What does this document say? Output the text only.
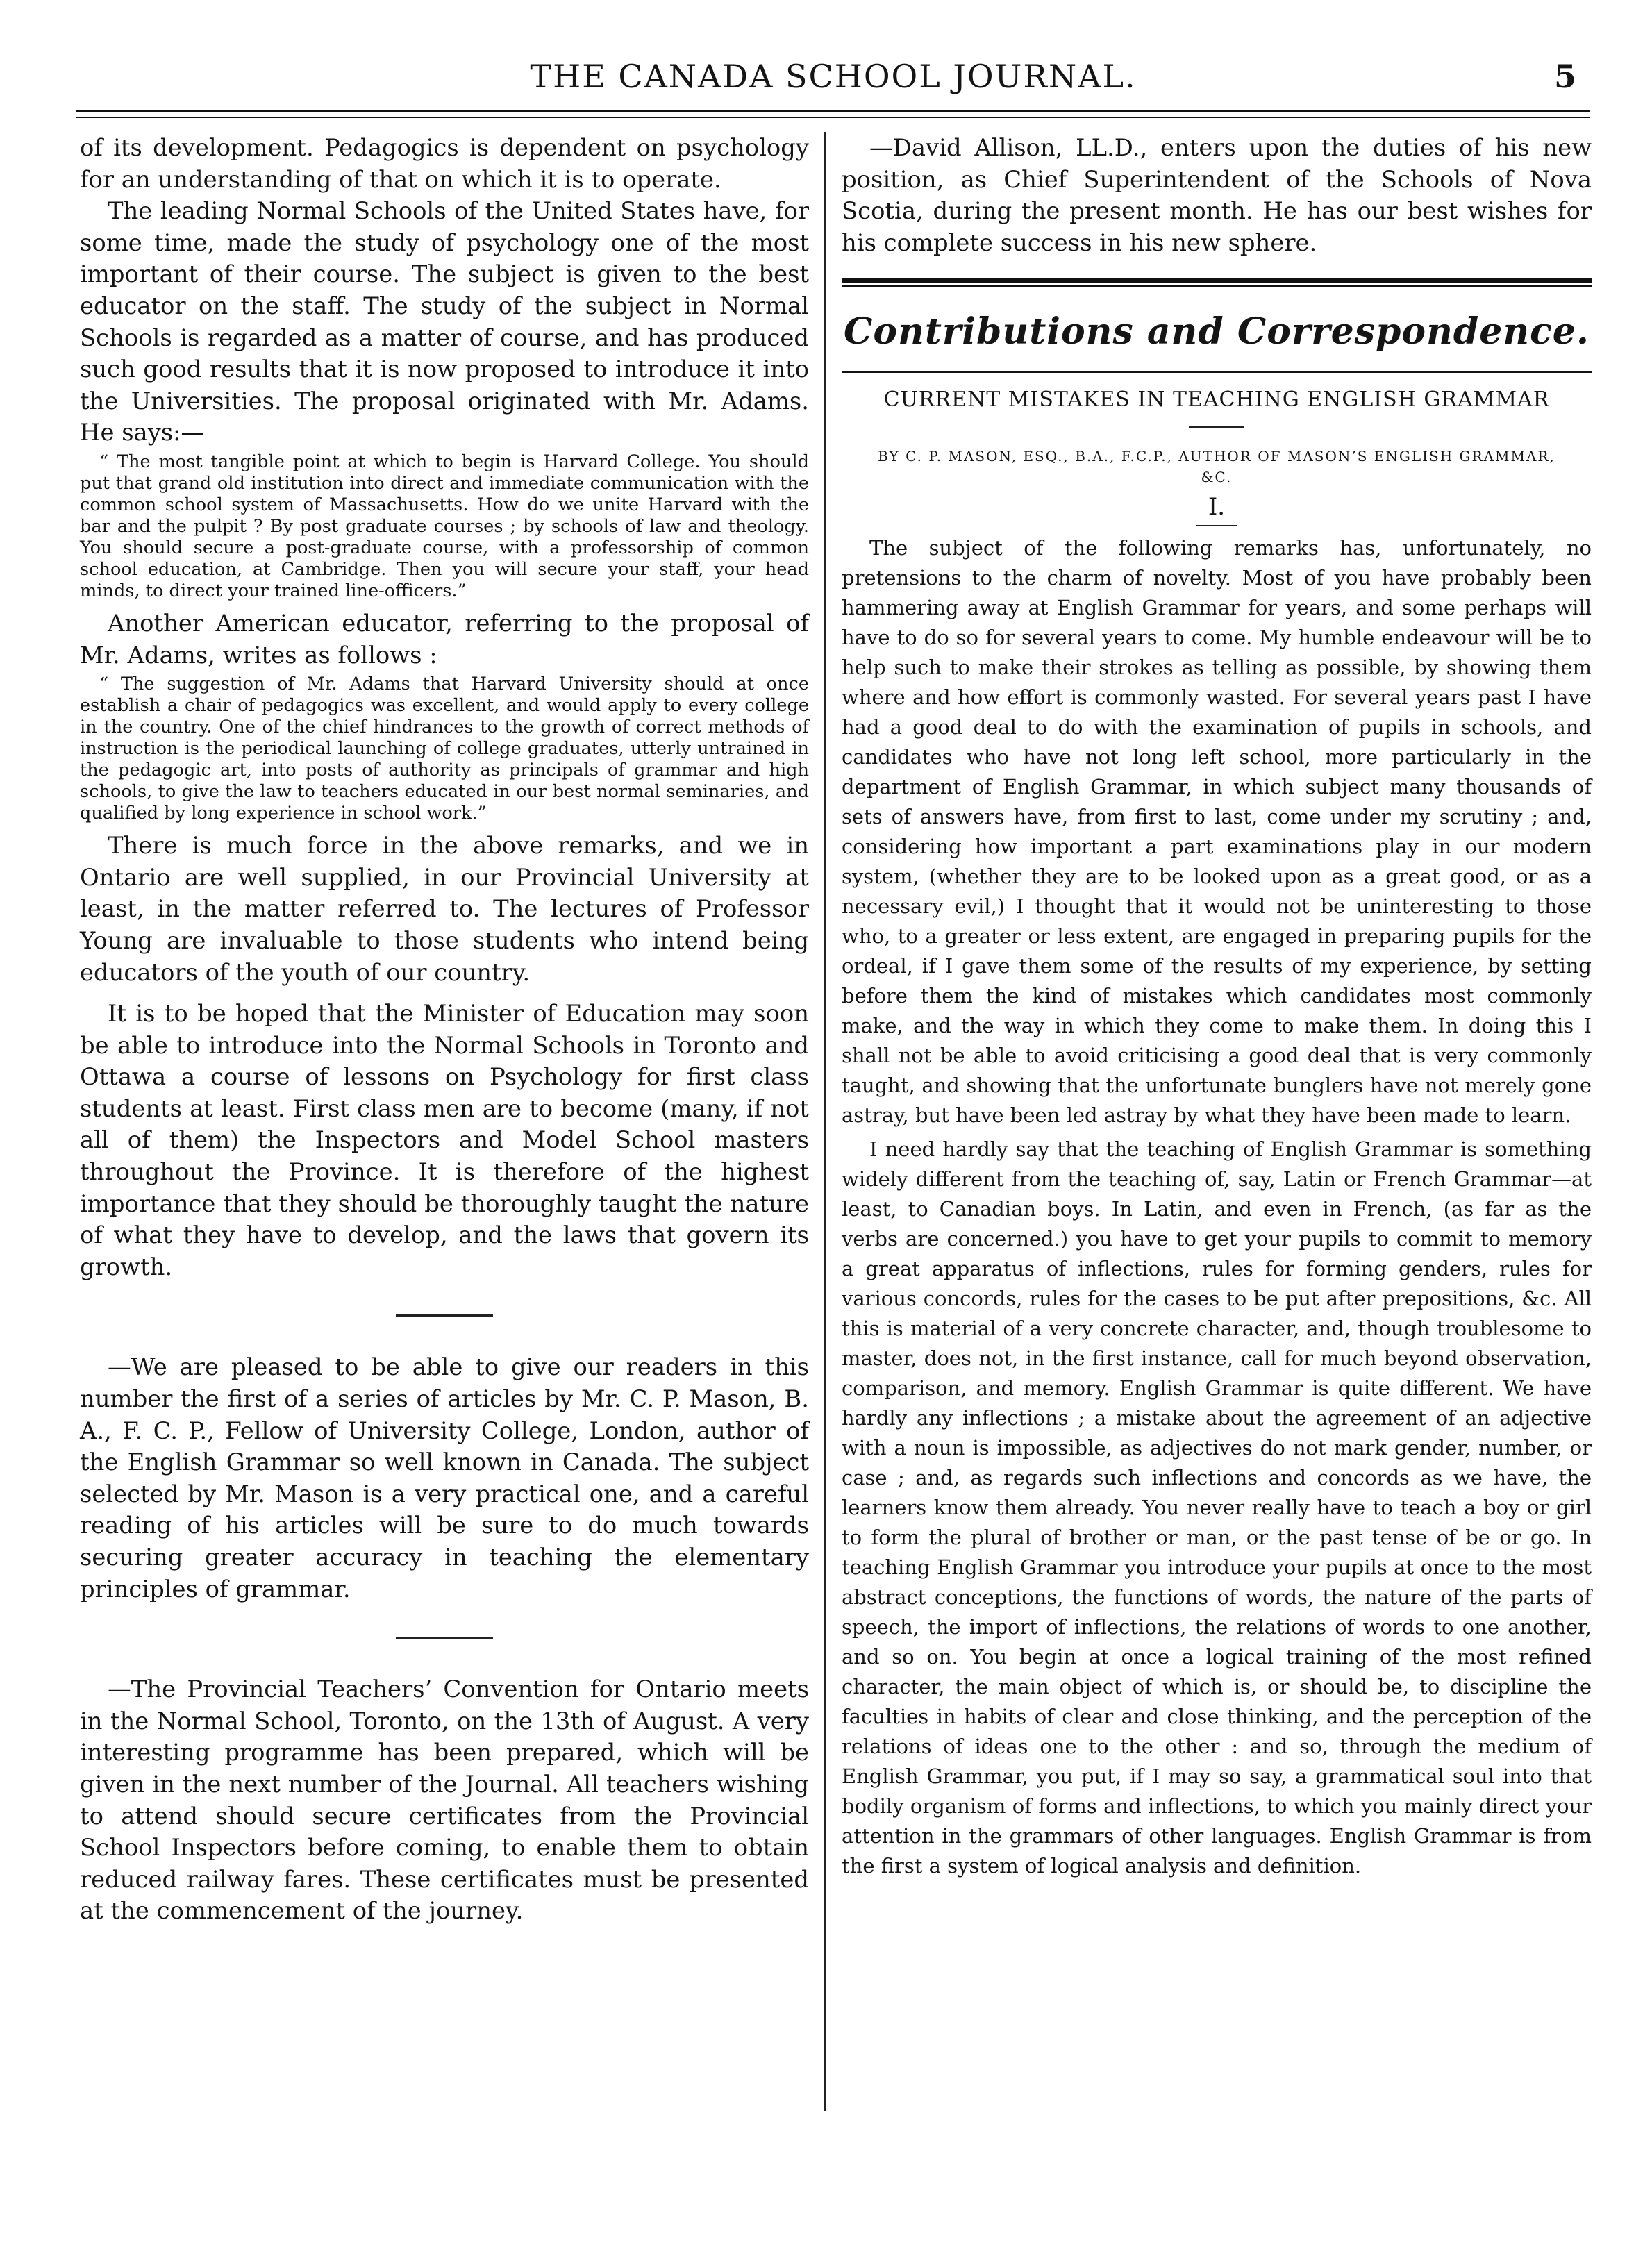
THE CANADA SCHOOL JOURNAL.	5

of its development. Pedagogics is dependent on psychology for an understanding of that on which it is to operate.

The leading Normal Schools of the United States have, for some time, made the study of psychology one of the most important of their course. The subject is given to the best educator on the staff. The study of the subject in Normal Schools is regarded as a matter of course, and has produced such good results that it is now proposed to introduce it into the Universities. The proposal originated with Mr. Adams. He says:—

“ The most tangible point at which to begin is Harvard College. You should put that grand old institution into direct and immediate communication with the common school system of Massachusetts. How do we unite Harvard with the bar and the pulpit ? By post graduate courses ; by schools of law and theology. You should secure a post-graduate course, with a professorship of common school education, at Cambridge. Then you will secure your staff, your head minds, to direct your trained line-officers.”

Another American educator, referring to the proposal of Mr. Adams, writes as follows :

“ The suggestion of Mr. Adams that Harvard University should at once establish a chair of pedagogics was excellent, and would apply to every college in the country. One of the chief hindrances to the growth of correct methods of instruction is the periodical launching of college graduates, utterly untrained in the pedagogic art, into posts of authority as principals of grammar and high schools, to give the law to teachers educated in our best normal seminaries, and qualified by long experience in school work.”

There is much force in the above remarks, and we in Ontario are well supplied, in our Provincial University at least, in the matter referred to. The lectures of Professor Young are invaluable to those students who intend being educators of the youth of our country.

It is to be hoped that the Minister of Education may soon be able to introduce into the Normal Schools in Toronto and Ottawa a course of lessons on Psychology for first class students at least. First class men are to become (many, if not all of them) the Inspectors and Model School masters throughout the Province. It is therefore of the highest importance that they should be thoroughly taught the nature of what they have to develop, and the laws that govern its growth.

—We are pleased to be able to give our readers in this number the first of a series of articles by Mr. C. P. Mason, B. A., F. C. P., Fellow of University College, London, author of the English Grammar so well known in Canada. The subject selected by Mr. Mason is a very practical one, and a careful reading of his articles will be sure to do much towards securing greater accuracy in teaching the elementary principles of grammar.

—The Provincial Teachers’ Convention for Ontario meets in the Normal School, Toronto, on the 13th of August. A very interesting programme has been prepared, which will be given in the next number of the Journal. All teachers wishing to attend should secure certificates from the Provincial School Inspectors before coming, to enable them to obtain reduced railway fares. These certificates must be presented at the commencement of the journey.

—David Allison, LL.D., enters upon the duties of his new position, as Chief Superintendent of the Schools of Nova Scotia, during the present month. He has our best wishes for his complete success in his new sphere.

Contributions and Correspondence.
CURRENT MISTAKES IN TEACHING ENGLISH GRAMMAR
BY C. P. MASON, ESQ., B.A., F.C.P., AUTHOR OF MASON’S ENGLISH GRAMMAR, &C.
I.

The subject of the following remarks has, unfortunately, no pretensions to the charm of novelty. Most of you have probably been hammering away at English Grammar for years, and some perhaps will have to do so for several years to come. My humble endeavour will be to help such to make their strokes as telling as possible, by showing them where and how effort is commonly wasted. For several years past I have had a good deal to do with the examination of pupils in schools, and candidates who have not long left school, more particularly in the department of English Grammar, in which subject many thousands of sets of answers have, from first to last, come under my scrutiny ; and, considering how important a part examinations play in our modern system, (whether they are to be looked upon as a great good, or as a necessary evil,) I thought that it would not be uninteresting to those who, to a greater or less extent, are engaged in preparing pupils for the ordeal, if I gave them some of the results of my experience, by setting before them the kind of mistakes which candidates most commonly make, and the way in which they come to make them. In doing this I shall not be able to avoid criticising a good deal that is very commonly taught, and showing that the unfortunate bunglers have not merely gone astray, but have been led astray by what they have been made to learn.

I need hardly say that the teaching of English Grammar is something widely different from the teaching of, say, Latin or French Grammar—at least, to Canadian boys. In Latin, and even in French, (as far as the verbs are concerned.) you have to get your pupils to commit to memory a great apparatus of inflections, rules for forming genders, rules for various concords, rules for the cases to be put after prepositions, &c. All this is material of a very concrete character, and, though troublesome to master, does not, in the first instance, call for much beyond observation, comparison, and memory. English Grammar is quite different. We have hardly any inflections ; a mistake about the agreement of an adjective with a noun is impossible, as adjectives do not mark gender, number, or case ; and, as regards such inflections and concords as we have, the learners know them already. You never really have to teach a boy or girl to form the plural of brother or man, or the past tense of be or go. In teaching English Grammar you introduce your pupils at once to the most abstract conceptions, the functions of words, the nature of the parts of speech, the import of inflections, the relations of words to one another, and so on. You begin at once a logical training of the most refined character, the main object of which is, or should be, to discipline the faculties in habits of clear and close thinking, and the perception of the relations of ideas one to the other : and so, through the medium of English Grammar, you put, if I may so say, a grammatical soul into that bodily organism of forms and inflections, to which you mainly direct your attention in the grammars of other languages. English Grammar is from the first a system of logical analysis and definition.
